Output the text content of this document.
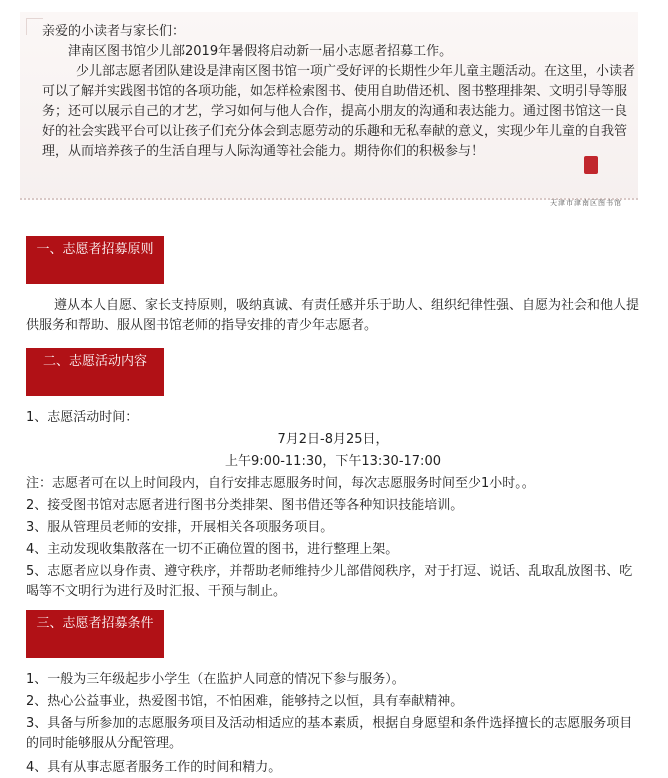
亲爱的小读者与家长们：

津南区图书馆少儿部2019年暑假将启动新一届小志愿者招募工作。

少儿部志愿者团队建设是津南区图书馆一项广受好评的长期性少年儿童主题活动。在这里，小读者可以了解并实践图书馆的各项功能，如怎样检索图书、使用自助借还机、图书整理排架、文明引导等服务；还可以展示自己的才艺，学习如何与他人合作，提高小朋友的沟通和表达能力。通过图书馆这一良好的社会实践平台可以让孩子们充分体会到志愿劳动的乐趣和无私奉献的意义，实现少年儿童的自我管理，从而培养孩子的生活自理与人际沟通等社会能力。期待你们的积极参与！

天津市津南区图书馆
一、志愿者招募原则

遵从本人自愿、家长支持原则，吸纳真诚、有责任感并乐于助人、组织纪律性强、自愿为社会和他人提供服务和帮助、服从图书馆老师的指导安排的青少年志愿者。

二、志愿活动内容

1、志愿活动时间：

7月2日-8月25日，
上午9:00-11:30，下午13:30-17:00

注：志愿者可在以上时间段内，自行安排志愿服务时间，每次志愿服务时间至少1小时。。

2、接受图书馆对志愿者进行图书分类排架、图书借还等各种知识技能培训。

3、服从管理员老师的安排，开展相关各项服务项目。

4、主动发现收集散落在一切不正确位置的图书，进行整理上架。

5、志愿者应以身作责、遵守秩序，并帮助老师维持少儿部借阅秩序，对于打逗、说话、乱取乱放图书、吃喝等不文明行为进行及时汇报、干预与制止。

三、志愿者招募条件

1、一般为三年级起步小学生（在监护人同意的情况下参与服务）。

2、热心公益事业，热爱图书馆，不怕困难，能够持之以恒，具有奉献精神。

3、具备与所参加的志愿服务项目及活动相适应的基本素质，根据自身愿望和条件选择擅长的志愿服务项目的同时能够服从分配管理。

4、具有从事志愿者服务工作的时间和精力。
